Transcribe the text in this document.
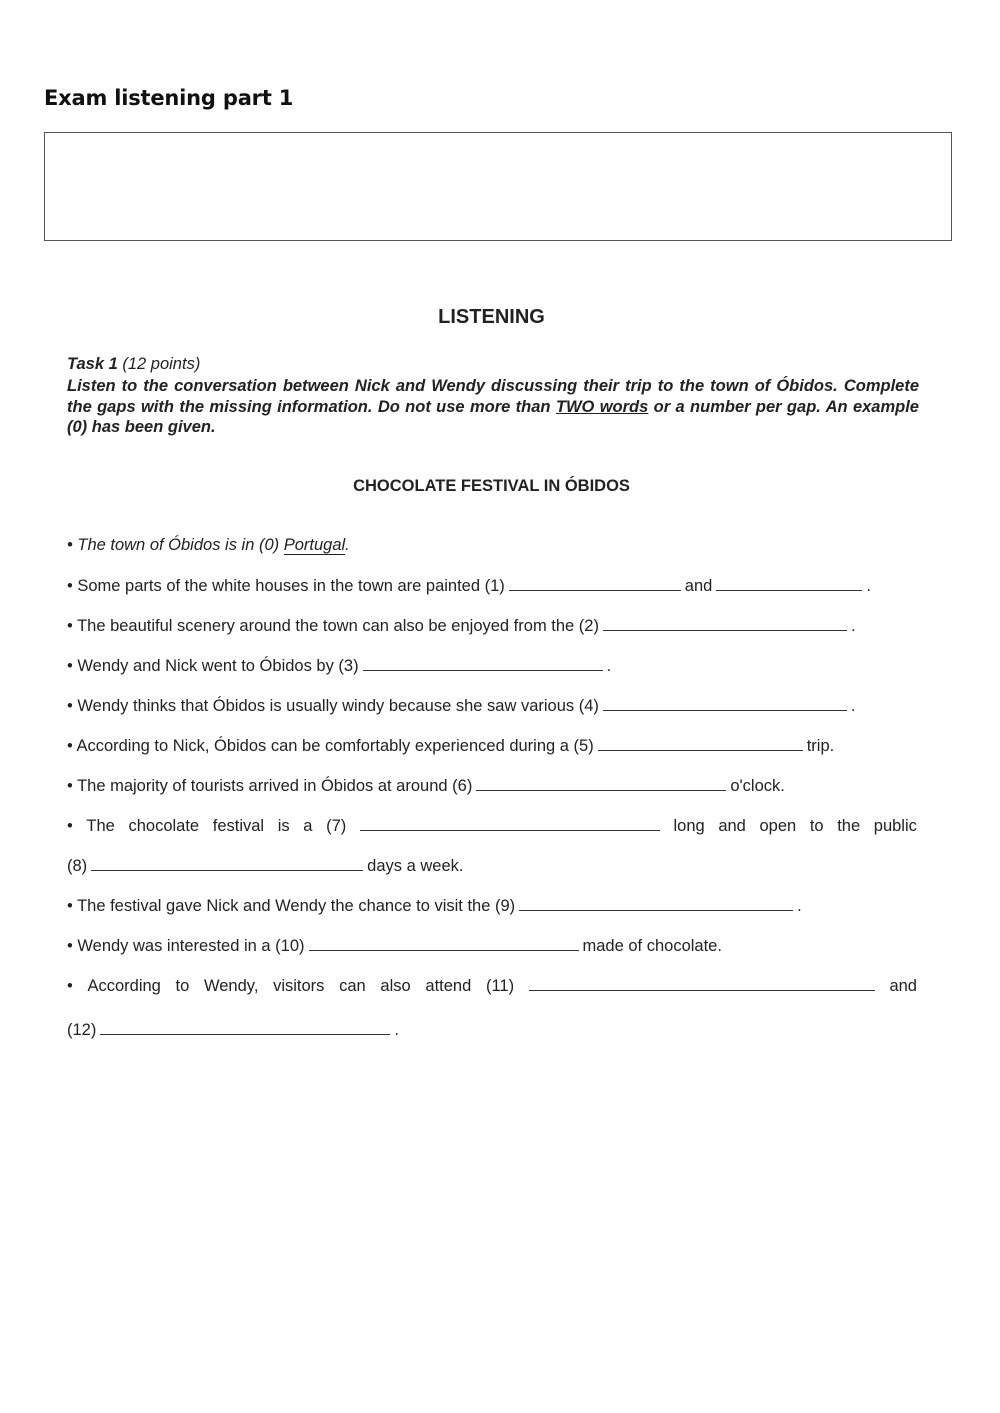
Exam listening part 1
LISTENING
Task 1 (12 points)
Listen to the conversation between Nick and Wendy discussing their trip to the town of Óbidos. Complete the gaps with the missing information. Do not use more than TWO words or a number per gap. An example (0) has been given.
CHOCOLATE FESTIVAL IN ÓBIDOS
• The town of Óbidos is in (0) Portugal.
• Some parts of the white houses in the town are painted (1)	and	.
• The beautiful scenery around the town can also be enjoyed from the (2)	.
• Wendy and Nick went to Óbidos by (3)	.
• Wendy thinks that Óbidos is usually windy because she saw various (4)	.
• According to Nick, Óbidos can be comfortably experienced during a (5)	trip.
• The majority of tourists arrived in Óbidos at around (6)	o'clock.
• The chocolate festival is a (7)	long and open to the public
(8)	days a week.
• The festival gave Nick and Wendy the chance to visit the (9)	.
• Wendy was interested in a (10)	made of chocolate.
• According to Wendy, visitors can also attend (11)	and
(12)	.
